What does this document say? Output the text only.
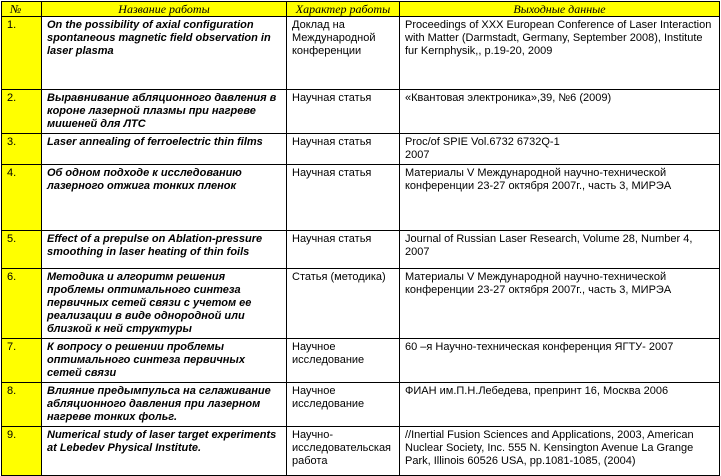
№	Название работы	Характер работы	Выходные данные
1.	On the possibility of axial configuration spontaneous magnetic field observation in laser plasma	Доклад на Международной конференции	Proceedings of XXX European Conference of Laser Interaction with Matter (Darmstadt, Germany, September 2008), Institute fur Kernphysik,, p.19-20, 2009
2.	Выравнивание абляционного давления в короне лазерной плазмы при нагреве мишеней для ЛТС	Научная статья	«Квантовая электроника»,39, №6 (2009)
3.	Laser annealing of ferroelectric thin films	Научная статья	Proc/of SPIE Vol.6732 6732Q-1
2007
4.	Об одном подходе к исследованию лазерного отжига тонких пленок	Научная статья	Материалы V Международной научно-технической конференции 23-27 октября 2007г., часть 3, МИРЭА
5.	Effect of a prepulse on Ablation-pressure smoothing in laser heating of thin foils	Научная статья	Journal of Russian Laser Research, Volume 28, Number 4, 2007
6.	Методика и алгоритм решения проблемы оптимального синтеза первичных сетей связи с учетом ее реализации в виде однородной или близкой к ней структуры	Статья (методика)	Материалы V Международной научно-технической конференции 23-27 октября 2007г., часть 3, МИРЭА
7.	К вопросу о решении проблемы оптимального синтеза первичных сетей связи	Научное исследование	60 –я Научно-техническая конференция ЯГТУ- 2007
8.	Влияние предымпульса на сглаживание абляционного давления при лазерном нагреве тонких фольг.	Научное исследование	ФИАН им.П.Н.Лебедева, препринт 16, Москва 2006
9.	Numerical study of laser target experiments at Lebedev Physical Institute.	Научно-исследовательская работа	//Inertial Fusion Sciences and Applications, 2003, American Nuclear Society, Inc. 555 N. Kensington Avenue La Grange Park, Illinois 60526 USA, pp.1081-1085, (2004)
